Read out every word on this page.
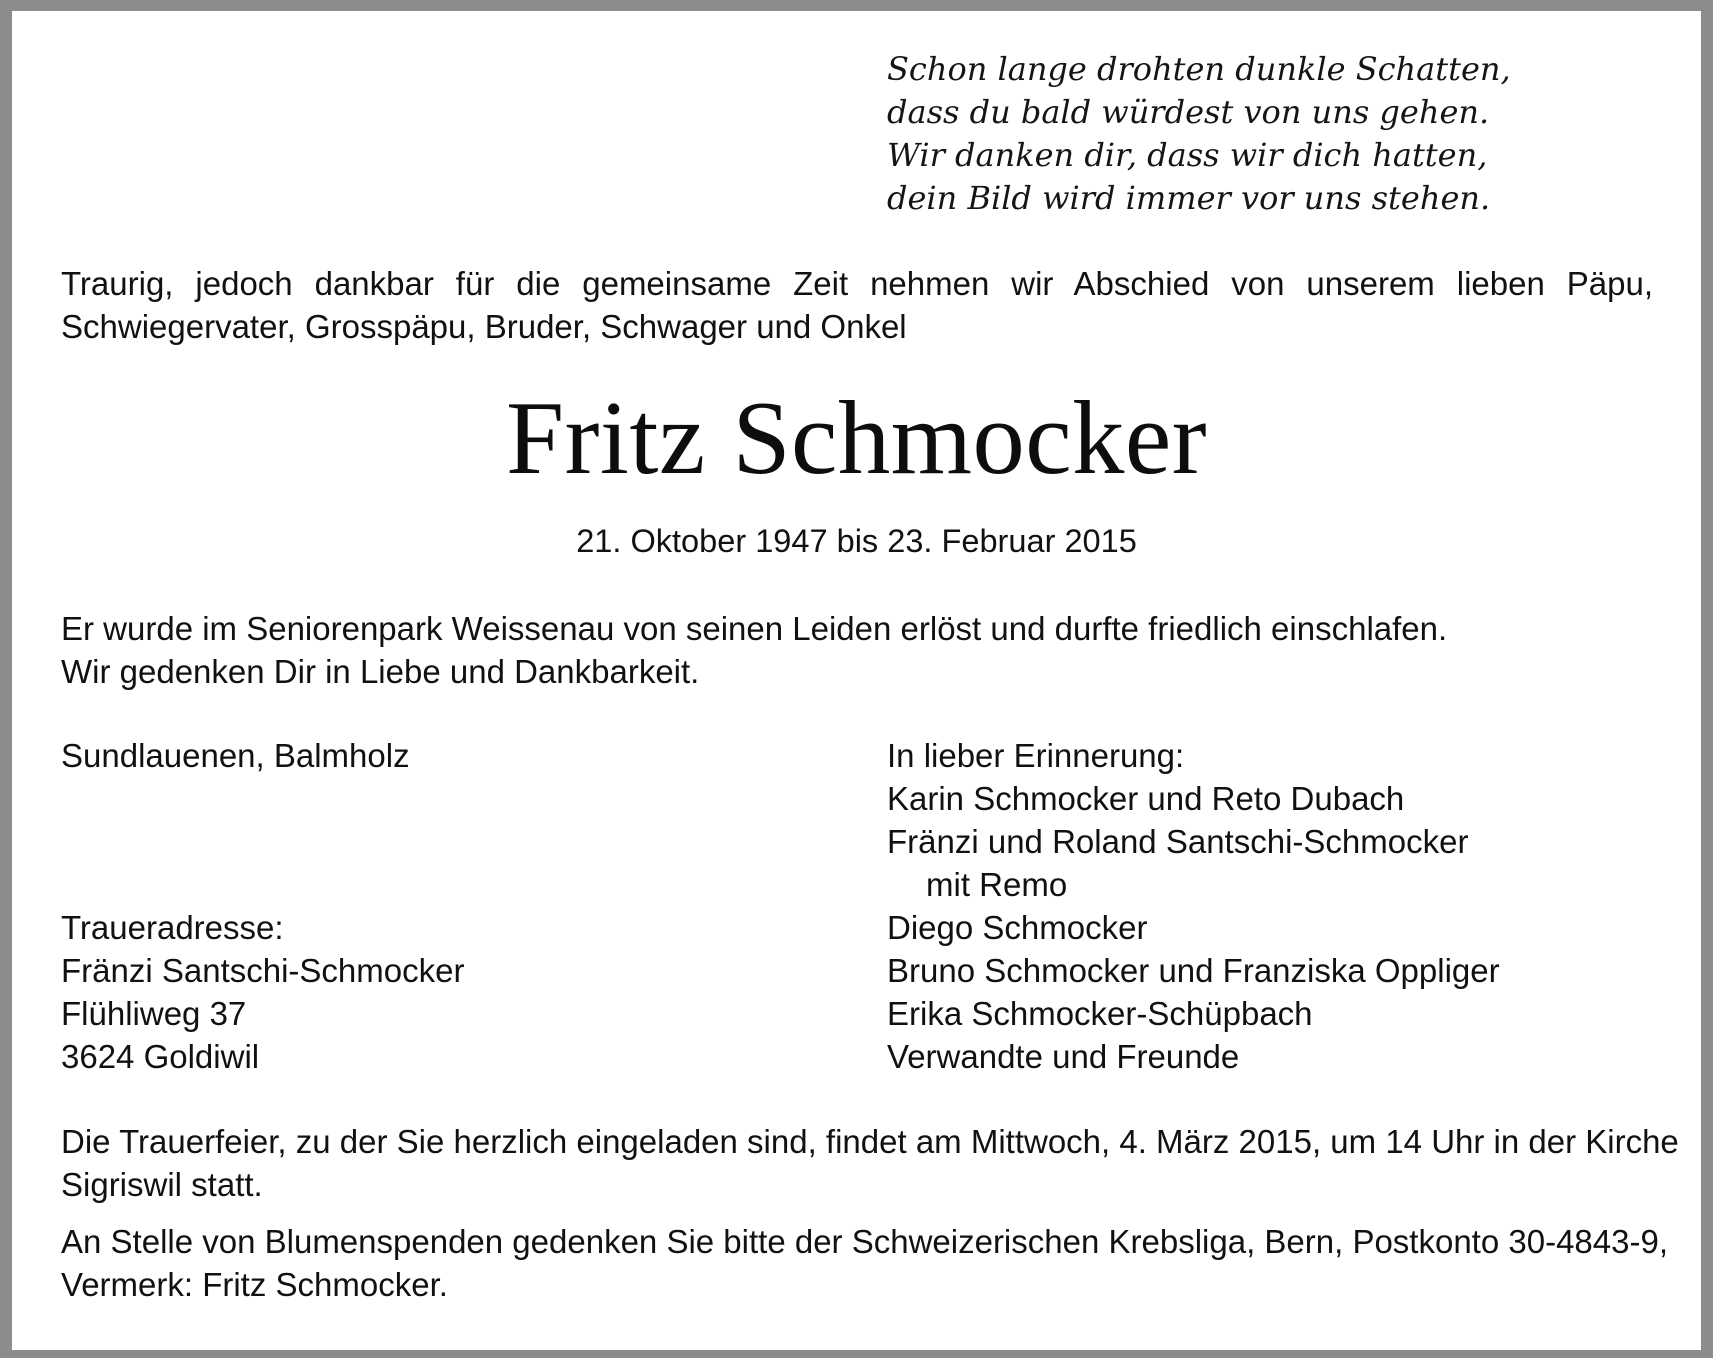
Schon lange drohten dunkle Schatten,
dass du bald würdest von uns gehen.
Wir danken dir, dass wir dich hatten,
dein Bild wird immer vor uns stehen.
Traurig, jedoch dankbar für die gemeinsame Zeit nehmen wir Abschied von unserem lieben Päpu,
Schwiegervater, Grosspäpu, Bruder, Schwager und Onkel
Fritz Schmocker
21. Oktober 1947 bis 23. Februar 2015
Er wurde im Seniorenpark Weissenau von seinen Leiden erlöst und durfte friedlich einschlafen.
Wir gedenken Dir in Liebe und Dankbarkeit.
Sundlauenen, Balmholz	In lieber Erinnerung:
Karin Schmocker und Reto Dubach
Fränzi und Roland Santschi-Schmocker
mit Remo
Diego Schmocker
Bruno Schmocker und Franziska Oppliger
Erika Schmocker-Schüpbach
Verwandte und Freunde
Traueradresse:
Fränzi Santschi-Schmocker
Flühliweg 37
3624 Goldiwil
Die Trauerfeier, zu der Sie herzlich eingeladen sind, findet am Mittwoch, 4. März 2015, um 14 Uhr in der Kirche
Sigriswil statt.
An Stelle von Blumenspenden gedenken Sie bitte der Schweizerischen Krebsliga, Bern, Postkonto 30-4843-9,
Vermerk: Fritz Schmocker.
